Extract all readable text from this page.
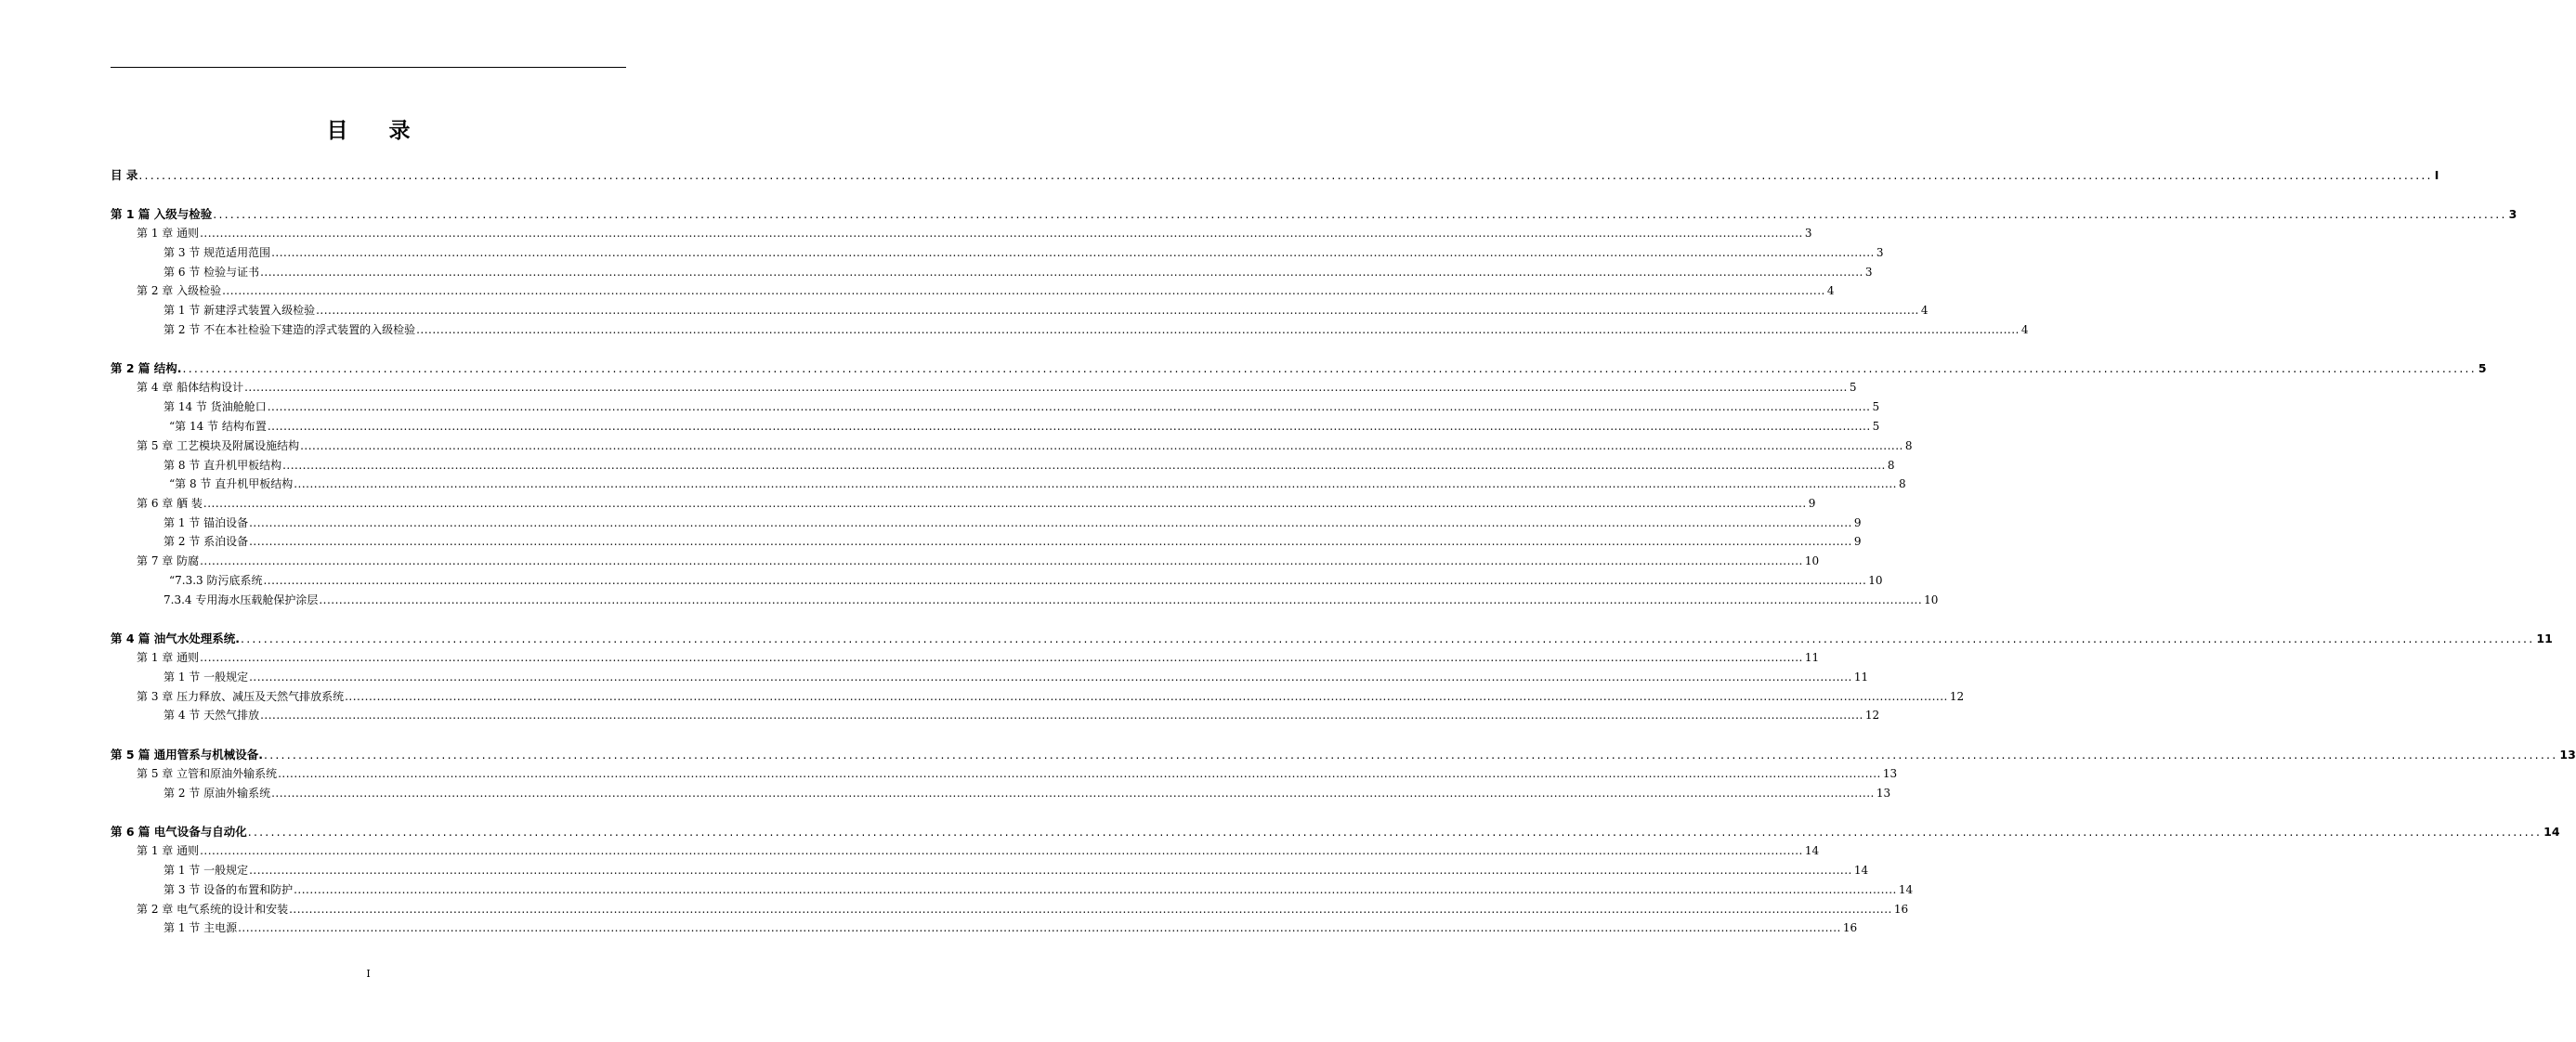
目 录
目 录 ................................................................................................................................................................................................................................................................................................................................................................................................................ I
第 1 篇 入级与检验 ................................................................................................................................................................................................................................................................................................................................................................................................................ 3
第 1 章 通则 ................................................................................................................................................................................................................................................................................................................................................................................................................ 3
第 3 节 规范适用范围 ................................................................................................................................................................................................................................................................................................................................................................................................................ 3
第 6 节 检验与证书 ................................................................................................................................................................................................................................................................................................................................................................................................................ 3
第 2 章 入级检验 ................................................................................................................................................................................................................................................................................................................................................................................................................ 4
第 1 节 新建浮式装置入级检验 ................................................................................................................................................................................................................................................................................................................................................................................................................ 4
第 2 节 不在本社检验下建造的浮式装置的入级检验 ................................................................................................................................................................................................................................................................................................................................................................................................................ 4
第 2 篇 结构. ................................................................................................................................................................................................................................................................................................................................................................................................................ 5
第 4 章 船体结构设计 ................................................................................................................................................................................................................................................................................................................................................................................................................ 5
第 14 节 货油舱舱口 ................................................................................................................................................................................................................................................................................................................................................................................................................ 5
“第 14 节 结构布置 ................................................................................................................................................................................................................................................................................................................................................................................................................ 5
第 5 章 工艺模块及附属设施结构 ................................................................................................................................................................................................................................................................................................................................................................................................................ 8
第 8 节 直升机甲板结构 ................................................................................................................................................................................................................................................................................................................................................................................................................ 8
“第 8 节 直升机甲板结构 ................................................................................................................................................................................................................................................................................................................................................................................................................ 8
第 6 章 舾 装 ................................................................................................................................................................................................................................................................................................................................................................................................................ 9
第 1 节 锚泊设备 ................................................................................................................................................................................................................................................................................................................................................................................................................ 9
第 2 节 系泊设备 ................................................................................................................................................................................................................................................................................................................................................................................................................ 9
第 7 章 防腐 ................................................................................................................................................................................................................................................................................................................................................................................................................ 10
“7.3.3 防污底系统 ................................................................................................................................................................................................................................................................................................................................................................................................................ 10
7.3.4 专用海水压载舱保护涂层 ................................................................................................................................................................................................................................................................................................................................................................................................................ 10
第 4 篇 油气水处理系统. ................................................................................................................................................................................................................................................................................................................................................................................................................ 11
第 1 章 通则 ................................................................................................................................................................................................................................................................................................................................................................................................................ 11
第 1 节 一般规定 ................................................................................................................................................................................................................................................................................................................................................................................................................ 11
第 3 章 压力释放、减压及天然气排放系统 ................................................................................................................................................................................................................................................................................................................................................................................................................ 12
第 4 节 天然气排放 ................................................................................................................................................................................................................................................................................................................................................................................................................ 12
第 5 篇 通用管系与机械设备. ................................................................................................................................................................................................................................................................................................................................................................................................................ 13
第 5 章 立管和原油外输系统 ................................................................................................................................................................................................................................................................................................................................................................................................................ 13
第 2 节 原油外输系统 ................................................................................................................................................................................................................................................................................................................................................................................................................ 13
第 6 篇 电气设备与自动化 ................................................................................................................................................................................................................................................................................................................................................................................................................ 14
第 1 章 通则 ................................................................................................................................................................................................................................................................................................................................................................................................................ 14
第 1 节 一般规定 ................................................................................................................................................................................................................................................................................................................................................................................................................ 14
第 3 节 设备的布置和防护 ................................................................................................................................................................................................................................................................................................................................................................................................................ 14
第 2 章 电气系统的设计和安装 ................................................................................................................................................................................................................................................................................................................................................................................................................ 16
第 1 节 主电源 ................................................................................................................................................................................................................................................................................................................................................................................................................ 16
I
